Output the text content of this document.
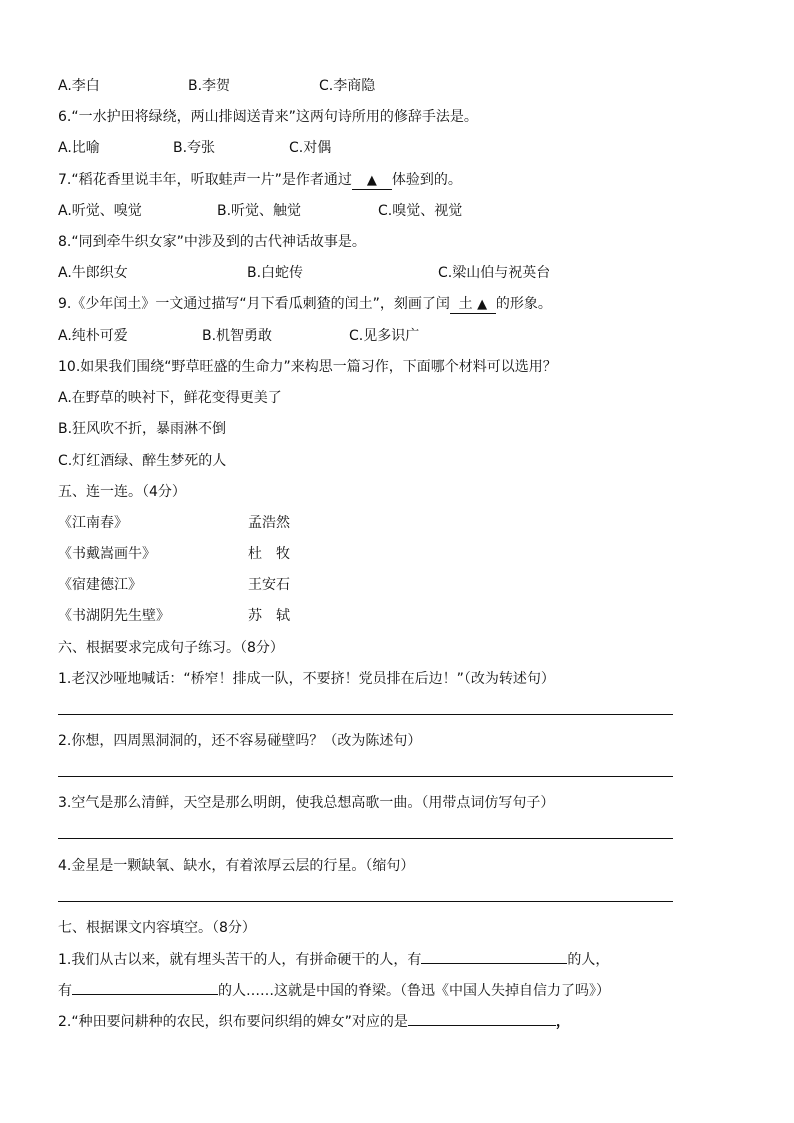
A.李白	B.李贺	C.李商隐
6.“一水护田将绿绕，两山排闼送青来”这两句诗所用的修辞手法是。
A.比喻	B.夸张	C.对偶
7.“稻花香里说丰年，听取蛙声一片”是作者通过 ▲ 体验到的。
A.听觉、嗅觉	B.听觉、触觉	C.嗅觉、视觉
8.“同到牵牛织女家”中涉及到的古代神话故事是。
A.牛郎织女	B.白蛇传	C.梁山伯与祝英台
9.《少年闰土》一文通过描写“月下看瓜刺猹的闰土”，刻画了闰 土 ▲ 的形象。
A.纯朴可爱	B.机智勇敢	C.见多识广
10.如果我们围绕“野草旺盛的生命力”来构思一篇习作，下面哪个材料可以选用？
A.在野草的映衬下，鲜花变得更美了
B.狂风吹不折，暴雨淋不倒
C.灯红酒绿、醉生梦死的人
五、连一连。（4分）
《江南春》	孟浩然
《书戴嵩画牛》	杜　牧
《宿建德江》	王安石
《书湖阴先生壁》	苏　轼
六、根据要求完成句子练习。（8分）
1.老汉沙哑地喊话：“桥窄！排成一队，不要挤！党员排在后边！”（改为转述句）
2.你想，四周黑洞洞的，还不容易碰壁吗？（改为陈述句）
3.空气是那么清鲜，天空是那么明朗，使我总想高歌一曲。（用带点词仿写句子）
4.金星是一颗缺氧、缺水，有着浓厚云层的行星。（缩句）
七、根据课文内容填空。（8分）
1.我们从古以来，就有埋头苦干的人，有拼命硬干的人，有	的人，
有	的人……这就是中国的脊梁。（鲁迅《中国人失掉自信力了吗》）
2.“种田要问耕种的农民，织布要问织绢的婢女”对应的是	，
